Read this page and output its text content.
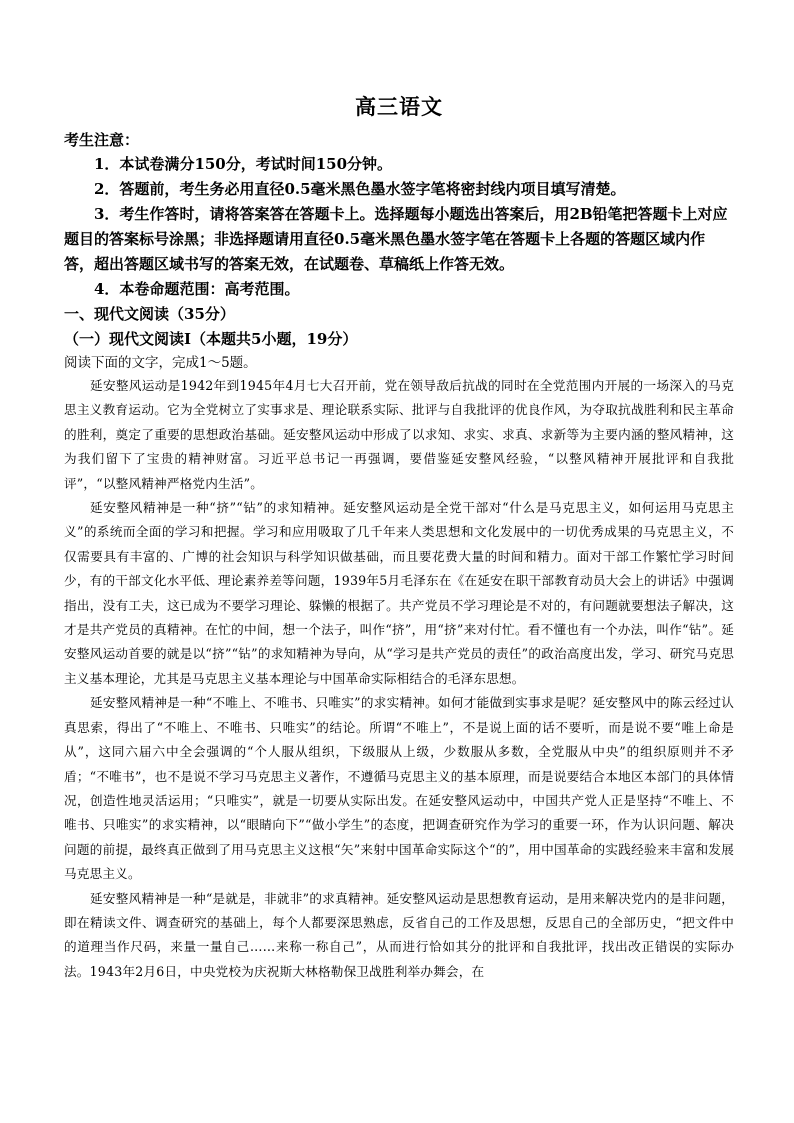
高三语文
考生注意：

1．本试卷满分150分，考试时间150分钟。

2．答题前，考生务必用直径0.5毫米黑色墨水签字笔将密封线内项目填写清楚。

3．考生作答时，请将答案答在答题卡上。选择题每小题选出答案后，用2B铅笔把答题卡上对应题目的答案标号涂黑；非选择题请用直径0.5毫米黑色墨水签字笔在答题卡上各题的答题区域内作答，超出答题区域书写的答案无效，在试题卷、草稿纸上作答无效。

4．本卷命题范围：高考范围。

一、现代文阅读（35分）

（一）现代文阅读Ⅰ（本题共5小题，19分）

阅读下面的文字，完成1～5题。

延安整风运动是1942年到1945年4月七大召开前，党在领导敌后抗战的同时在全党范围内开展的一场深入的马克思主义教育运动。它为全党树立了实事求是、理论联系实际、批评与自我批评的优良作风，为夺取抗战胜利和民主革命的胜利，奠定了重要的思想政治基础。延安整风运动中形成了以求知、求实、求真、求新等为主要内涵的整风精神，这为我们留下了宝贵的精神财富。习近平总书记一再强调，要借鉴延安整风经验，“以整风精神开展批评和自我批评”，“以整风精神严格党内生活”。

延安整风精神是一种“挤”“钻”的求知精神。延安整风运动是全党干部对“什么是马克思主义，如何运用马克思主义”的系统而全面的学习和把握。学习和应用吸取了几千年来人类思想和文化发展中的一切优秀成果的马克思主义，不仅需要具有丰富的、广博的社会知识与科学知识做基础，而且要花费大量的时间和精力。面对干部工作繁忙学习时间少，有的干部文化水平低、理论素养差等问题，1939年5月毛泽东在《在延安在职干部教育动员大会上的讲话》中强调指出，没有工夫，这已成为不要学习理论、躲懒的根据了。共产党员不学习理论是不对的，有问题就要想法子解决，这才是共产党员的真精神。在忙的中间，想一个法子，叫作“挤”，用“挤”来对付忙。看不懂也有一个办法，叫作“钻”。延安整风运动首要的就是以“挤”“钻”的求知精神为导向，从“学习是共产党员的责任”的政治高度出发，学习、研究马克思主义基本理论，尤其是马克思主义基本理论与中国革命实际相结合的毛泽东思想。

延安整风精神是一种“不唯上、不唯书、只唯实”的求实精神。如何才能做到实事求是呢？延安整风中的陈云经过认真思索，得出了“不唯上、不唯书、只唯实”的结论。所谓“不唯上”，不是说上面的话不要听，而是说不要“唯上命是从”，这同六届六中全会强调的“个人服从组织，下级服从上级，少数服从多数，全党服从中央”的组织原则并不矛盾；“不唯书”，也不是说不学习马克思主义著作，不遵循马克思主义的基本原理，而是说要结合本地区本部门的具体情况，创造性地灵活运用；“只唯实”，就是一切要从实际出发。在延安整风运动中，中国共产党人正是坚持“不唯上、不唯书、只唯实”的求实精神，以“眼睛向下”“做小学生”的态度，把调查研究作为学习的重要一环，作为认识问题、解决问题的前提，最终真正做到了用马克思主义这根“矢”来射中国革命实际这个“的”，用中国革命的实践经验来丰富和发展马克思主义。

延安整风精神是一种“是就是，非就非”的求真精神。延安整风运动是思想教育运动，是用来解决党内的是非问题，即在精读文件、调查研究的基础上，每个人都要深思熟虑，反省自己的工作及思想，反思自己的全部历史，“把文件中的道理当作尺码，来量一量自己……来称一称自己”，从而进行恰如其分的批评和自我批评，找出改正错误的实际办法。1943年2月6日，中央党校为庆祝斯大林格勒保卫战胜利举办舞会，在
